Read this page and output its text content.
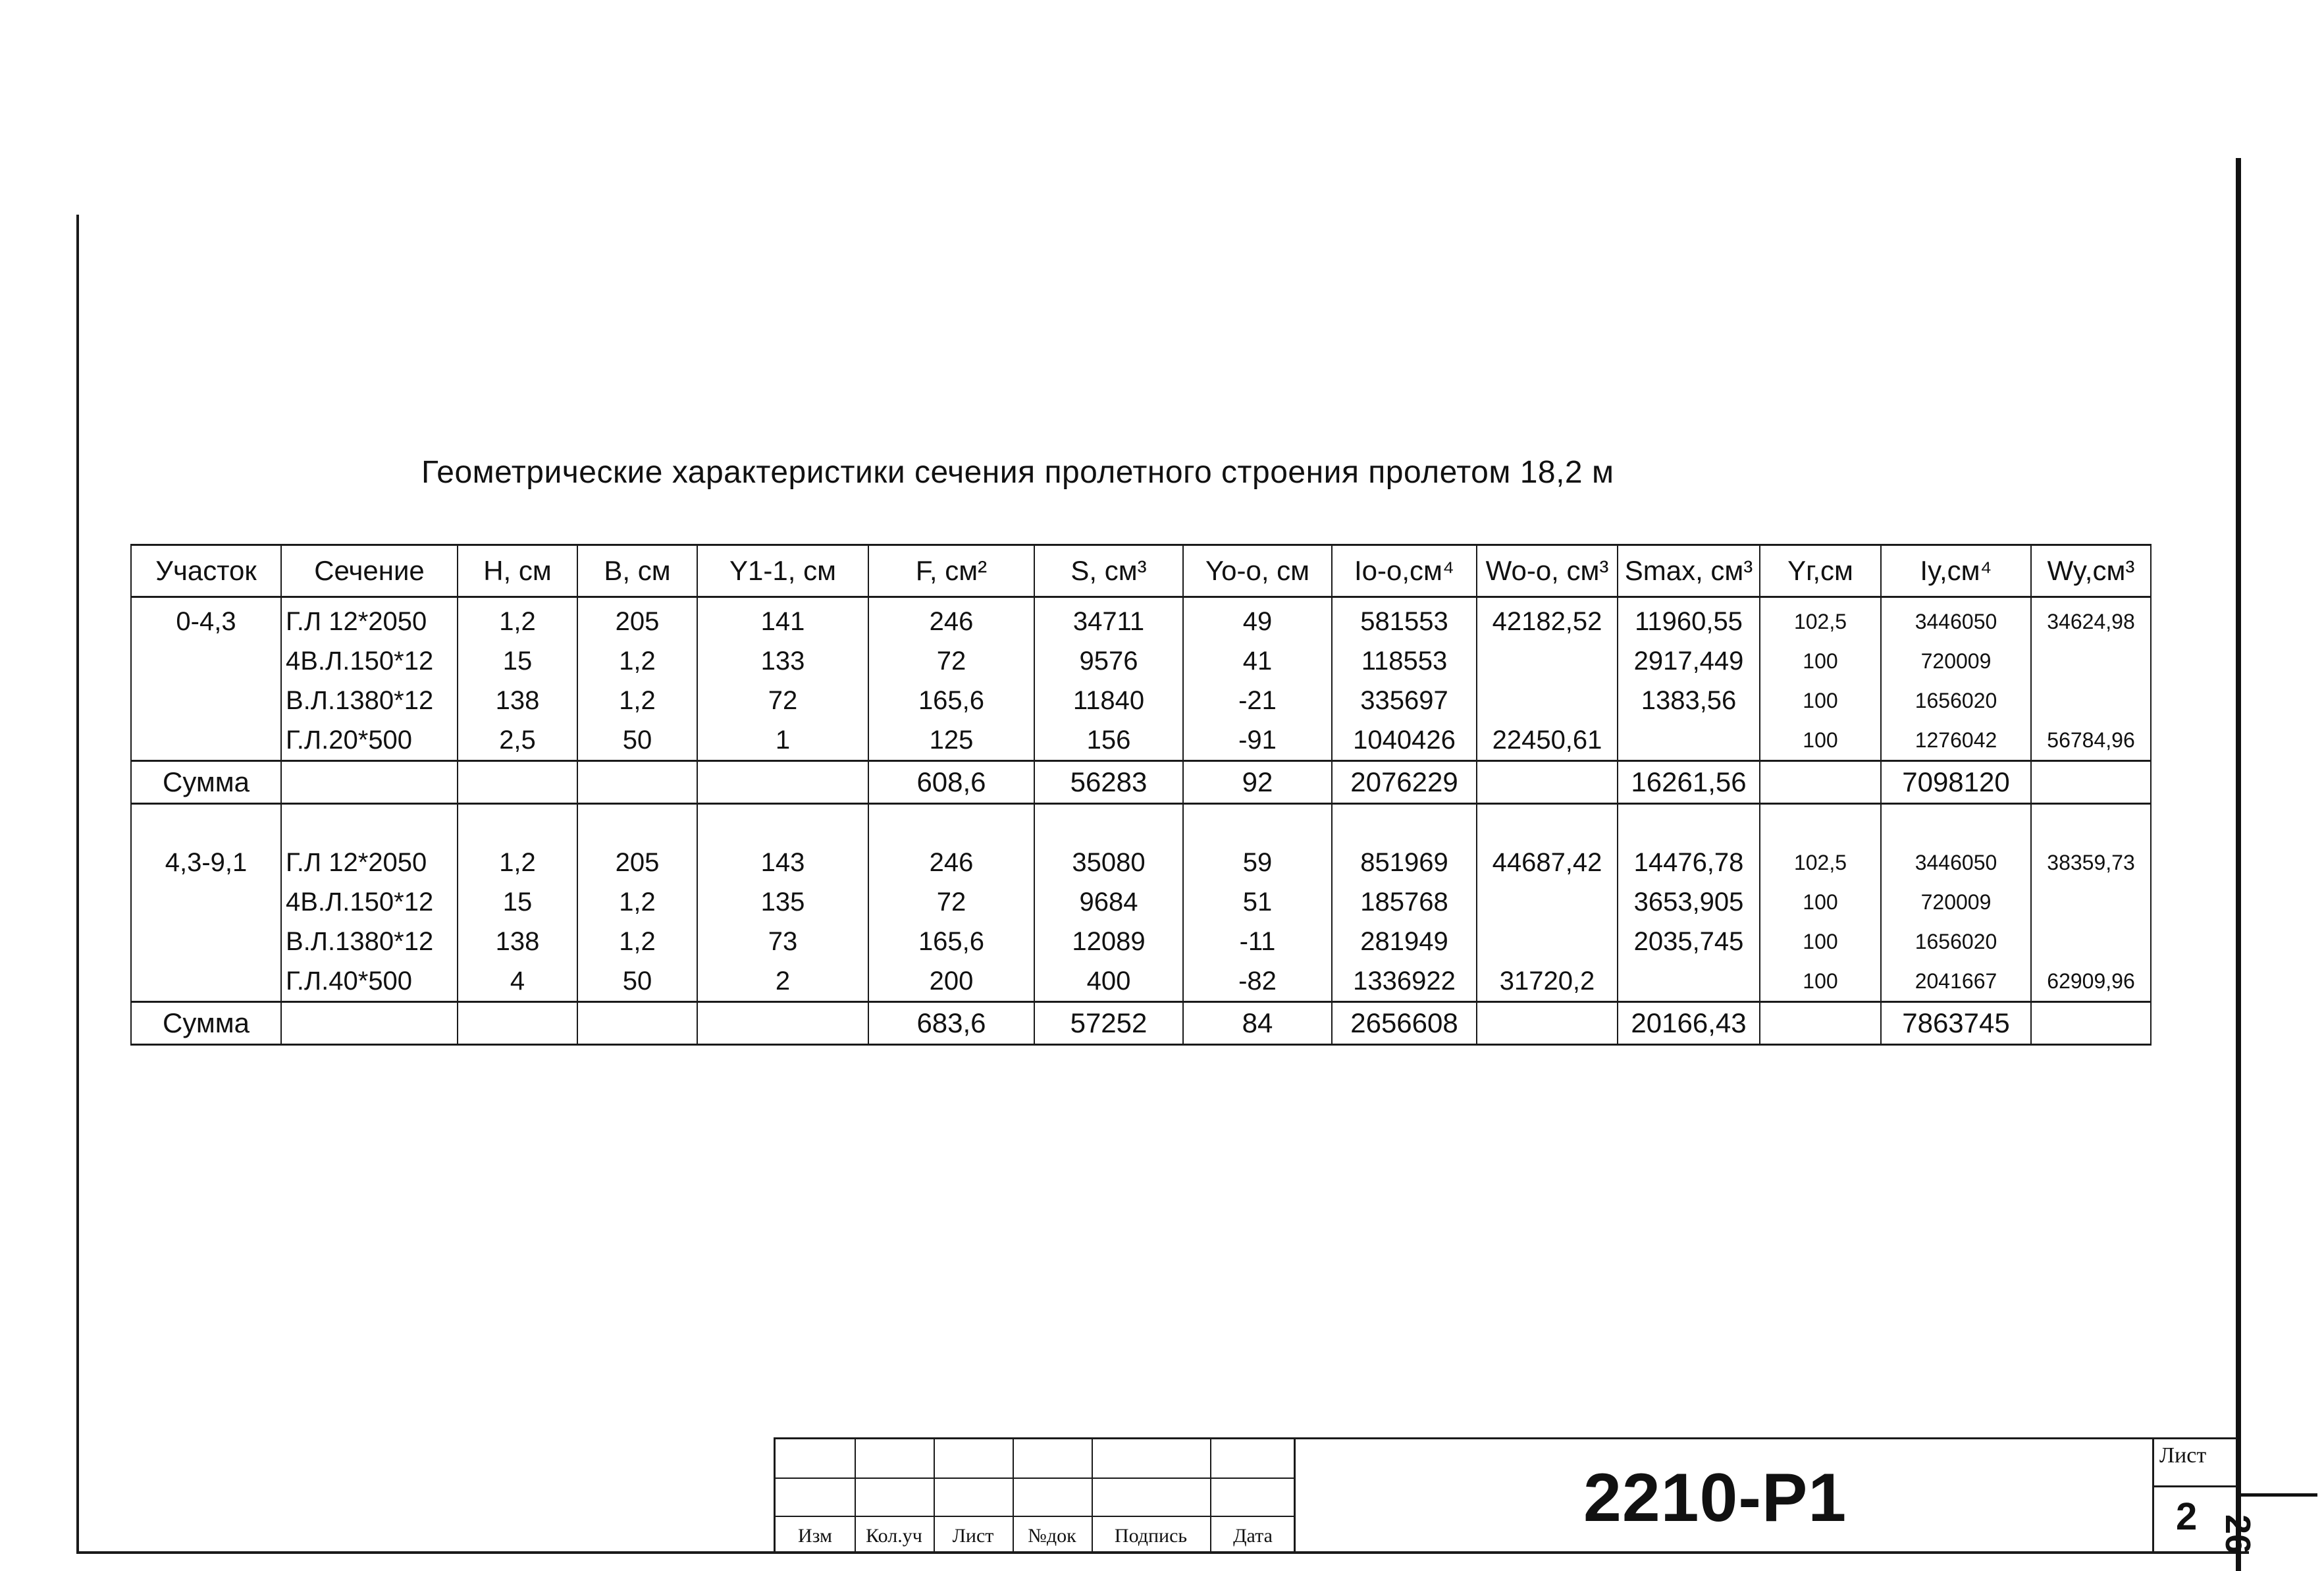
Геометрические характеристики сечения пролетного строения пролетом 18,2 м
Участок	Сечение	Н, см	В, см	Y1-1, см	F, см²	S, см³	Yo-o, см	Io-o,см⁴	Wo-o, см³	Smax, см³	Yг,см	Iy,см⁴	Wy,см³
0-4,3	Г.Л 12*2050	1,2	205	141	246	34711	49	581553	42182,52	11960,55	102,5	3446050	34624,98
	4В.Л.150*12	15	1,2	133	72	9576	41	118553		2917,449	100	720009	
	В.Л.1380*12	138	1,2	72	165,6	11840	-21	335697		1383,56	100	1656020	
	Г.Л.20*500	2,5	50	1	125	156	-91	1040426	22450,61		100	1276042	56784,96
Сумма					608,6	56283	92	2076229		16261,56		7098120	

4,3-9,1	Г.Л 12*2050	1,2	205	143	246	35080	59	851969	44687,42	14476,78	102,5	3446050	38359,73
	4В.Л.150*12	15	1,2	135	72	9684	51	185768		3653,905	100	720009	
	В.Л.1380*12	138	1,2	73	165,6	12089	-11	281949		2035,745	100	1656020	
	Г.Л.40*500	4	50	2	200	400	-82	1336922	31720,2		100	2041667	62909,96
Сумма					683,6	57252	84	2656608		20166,43		7863745	
Изм	Кол.уч	Лист	№док	Подпись	Дата	2210-Р1
Лист
2 26
